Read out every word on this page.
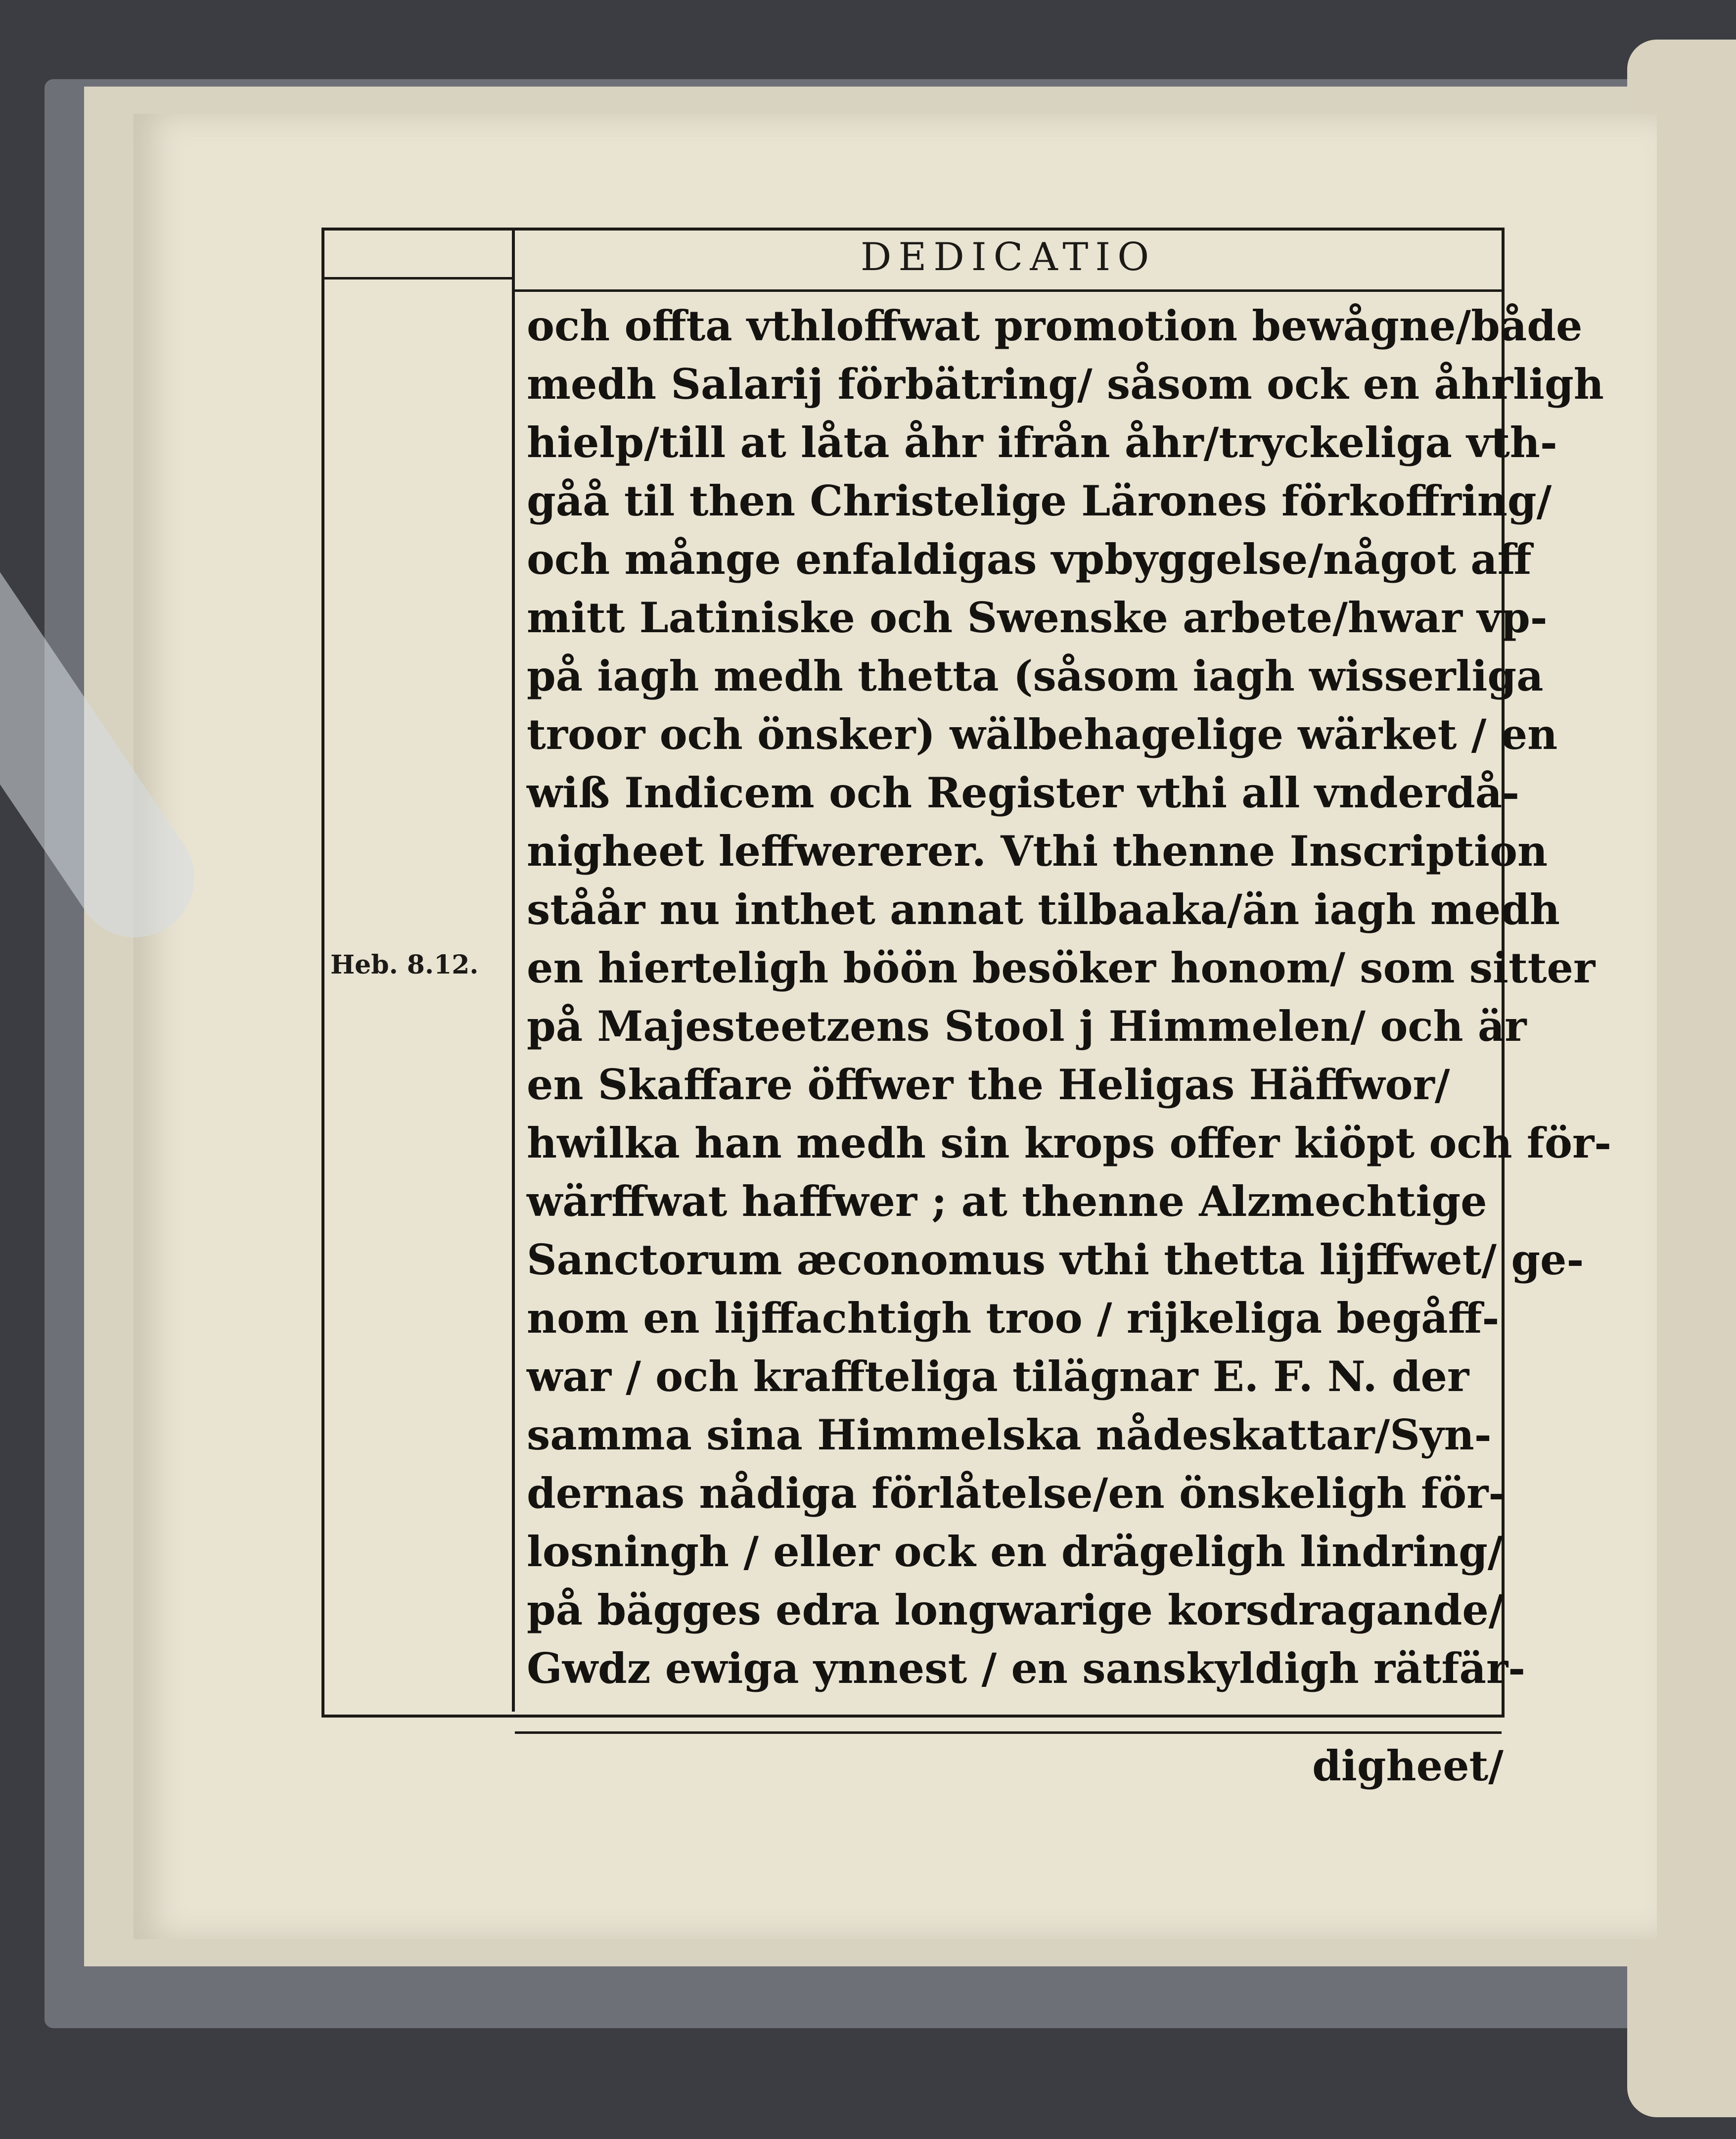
DEDICATIO
Heb. 8.12.
och offta vthloffwat promotion bewågne/både
medh Salarij förbätring/ såsom ock en åhrligh
hielp/till at låta åhr ifrån åhr/tryckeliga vth-
gåå til then Christelige Lärones förkoffring/
och månge enfaldigas vpbyggelse/något aff
mitt Latiniske och Swenske arbete/hwar vp-
på iagh medh thetta (såsom iagh wisserliga
troor och önsker) wälbehagelige wärket / en
wiß Indicem och Register vthi all vnderdå-
nigheet leffwererer. Vthi thenne Inscription
ståår nu inthet annat tilbaaka/än iagh medh
en hierteligh böön besöker honom/ som sitter
på Majesteetzens Stool j Himmelen/ och är
en Skaffare öffwer the Heligas Häffwor/
hwilka han medh sin krops offer kiöpt och för-
wärffwat haffwer ; at thenne Alzmechtige
Sanctorum æconomus vthi thetta lijffwet/ ge-
nom en lijffachtigh troo / rijkeliga begåff-
war / och kraffteliga tilägnar E. F. N. der
samma sina Himmelska nådeskattar/Syn-
dernas nådiga förlåtelse/en önskeligh för-
losningh / eller ock en drägeligh lindring/
på bägges edra longwarige korsdragande/
Gwdz ewiga ynnest / en sanskyldigh rätfär-
digheet/
